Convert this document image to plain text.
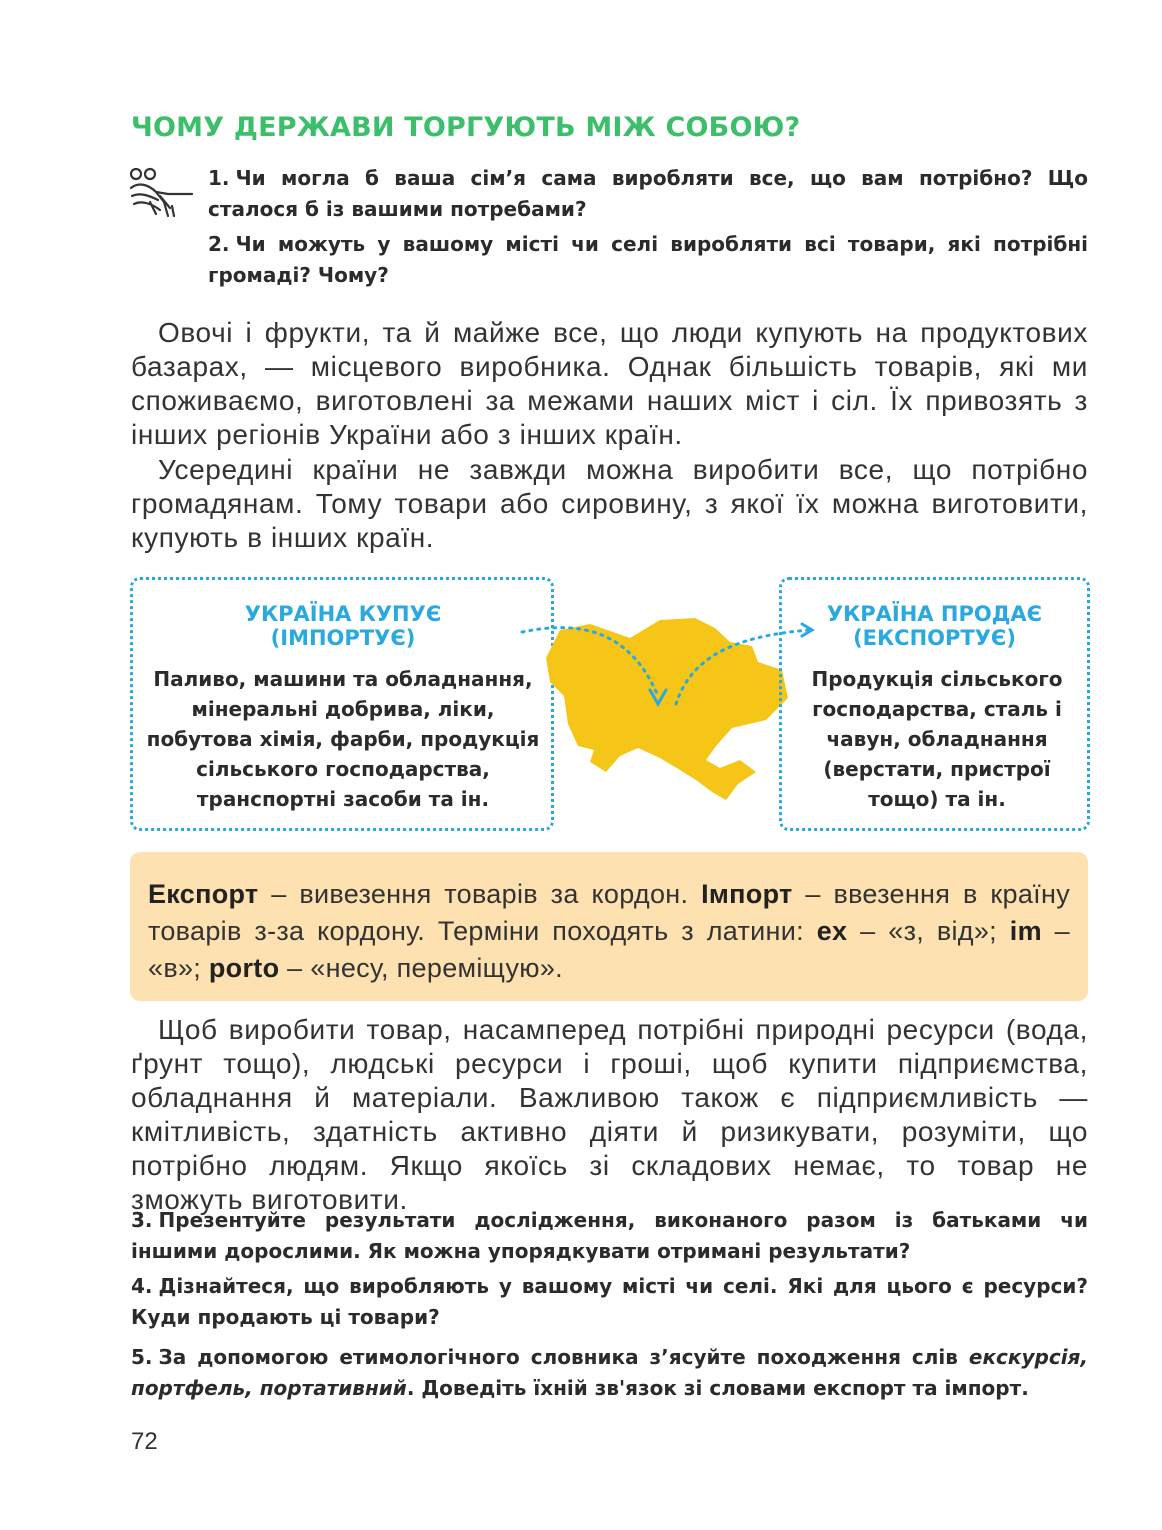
ЧОМУ ДЕРЖАВИ ТОРГУЮТЬ МІЖ СОБОЮ?

1. Чи могла б ваша сім’я сама виробляти все, що вам потрібно? Що сталося б із вашими потребами?

2. Чи можуть у вашому місті чи селі виробляти всі товари, які потрібні громаді? Чому?

Овочі і фрукти, та й майже все, що люди купують на продуктових базарах, — місцевого виробника. Однак більшість товарів, які ми споживаємо, виготовлені за межами наших міст і сіл. Їх привозять з інших регіонів України або з інших країн.

Усередині країни не завжди можна виробити все, що потрібно громадянам. Тому товари або сировину, з якої їх можна виготовити, купують в інших країн.

УКРАЇНА КУПУЄ
(ІМПОРТУЄ)
Паливо, машини та обладнання, мінеральні добрива, ліки, побутова хімія, фарби, продукція сільського господарства, транспортні засоби та ін.
УКРАЇНА ПРОДАЄ
(ЕКСПОРТУЄ)
Продукція сільського господарства, сталь і чавун, обладнання (верстати, пристрої тощо) та ін.
Експорт – вивезення товарів за кордон. Імпорт – ввезення в країну товарів з-за кордону. Терміни походять з латини: ex – «з, від»; im – «в»; porto – «несу, переміщую».

Щоб виробити товар, насамперед потрібні природні ресурси (вода, ґрунт тощо), людські ресурси і гроші, щоб купити підприємства, обладнання й матеріали. Важливою також є підприємливість — кмітливість, здатність активно діяти й ризикувати, розуміти, що потрібно людям. Якщо якоїсь зі складових немає, то товар не зможуть виготовити.

3. Презентуйте результати дослідження, виконаного разом із батьками чи іншими дорослими. Як можна упорядкувати отримані результати?

4. Дізнайтеся, що виробляють у вашому місті чи селі. Які для цього є ресурси? Куди продають ці товари?

5. За допомогою етимологічного словника з’ясуйте походження слів екскурсія, портфель, портативний. Доведіть їхній зв'язок зі словами експорт та імпорт.

72
